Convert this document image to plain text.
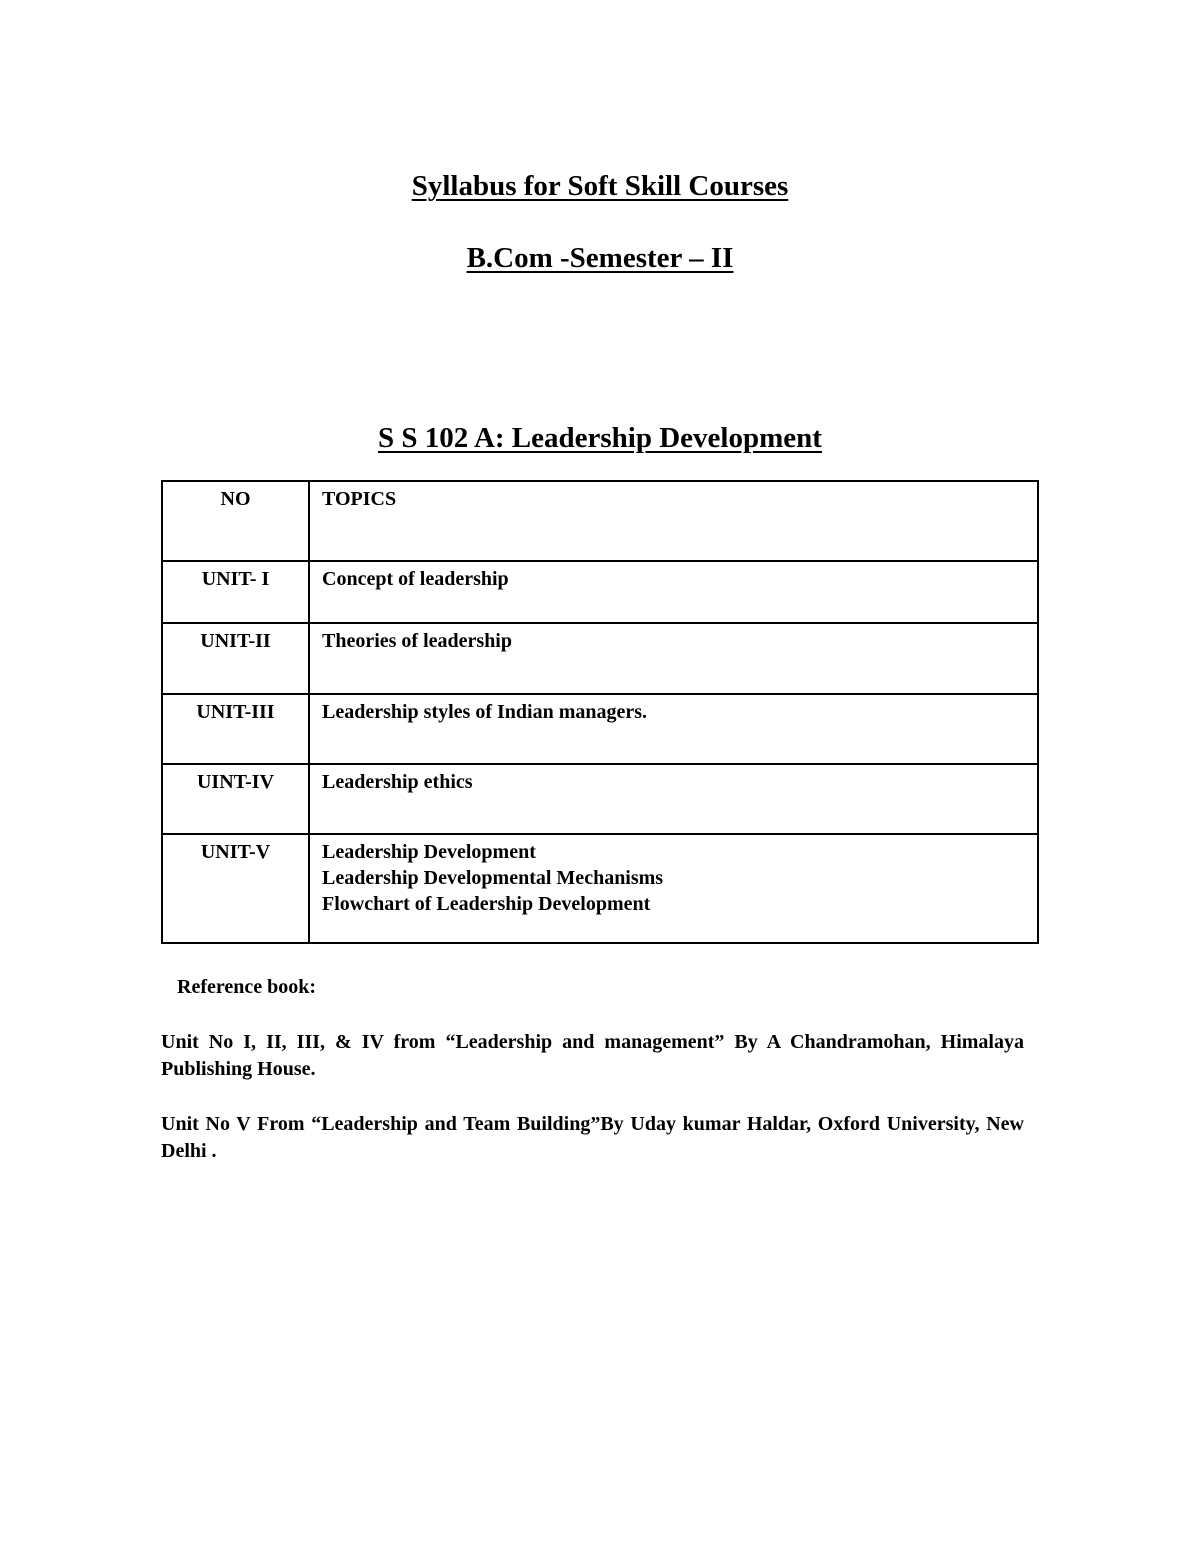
Syllabus for Soft Skill Courses
B.Com -Semester – II
S S 102 A: Leadership Development
NO	TOPICS
UNIT- I	Concept of leadership

UNIT-II	Theories of leadership

UNIT-III	Leadership styles of Indian managers.

UINT-IV	Leadership ethics

UNIT-V	Leadership Development
Leadership Developmental Mechanisms
Flowchart of Leadership Development

Reference book:

Unit No I, II, III, & IV from “Leadership and management” By A Chandramohan, Himalaya Publishing House.

Unit No V From “Leadership and Team Building”By Uday kumar Haldar, Oxford University, New Delhi .
